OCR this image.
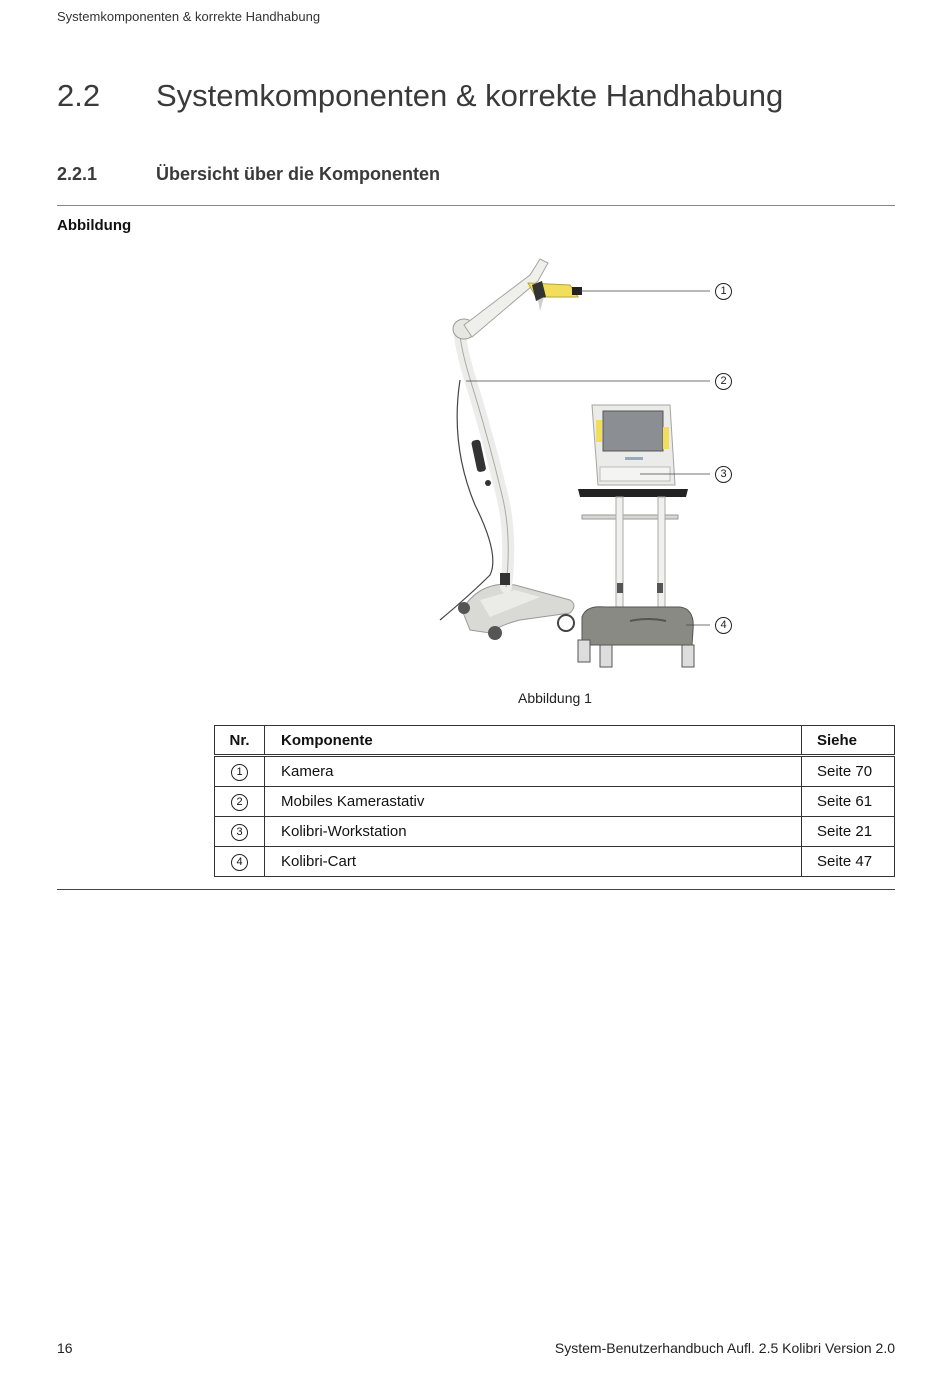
Systemkomponenten & korrekte Handhabung
2.2 Systemkomponenten & korrekte Handhabung
2.2.1	Übersicht über die Komponenten
Abbildung
1
2
3
4
Abbildung 1
Nr.	Komponente	Siehe
1	Kamera	Seite 70
2	Mobiles Kamerastativ	Seite 61
3	Kolibri-Workstation	Seite 21
4	Kolibri-Cart	Seite 47
16	System-Benutzerhandbuch Aufl. 2.5 Kolibri Version 2.0
